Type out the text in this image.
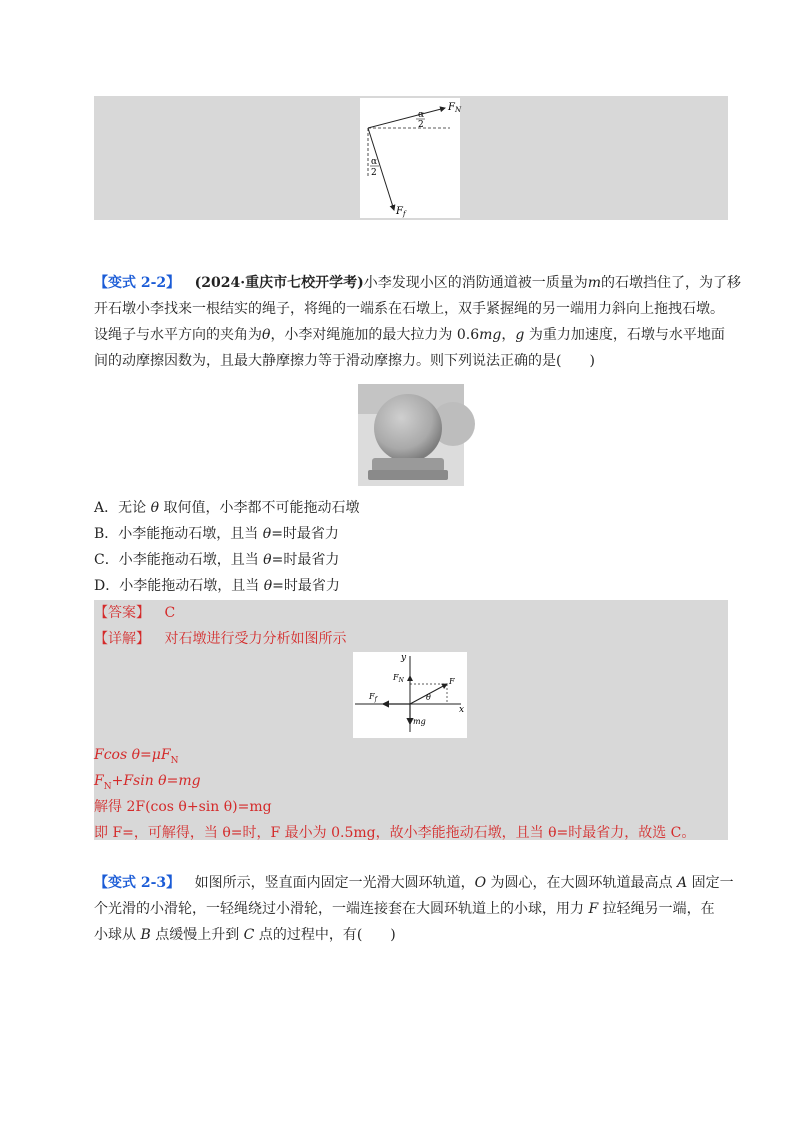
$F_N$
$F_f$
α
2
α
2
【变式 2-2】 (2024·重庆市七校开学考)小李发现小区的消防通道被一质量为m的石墩挡住了，为了移
开石墩小李找来一根结实的绳子，将绳的一端系在石墩上，双手紧握绳的另一端用力斜向上拖拽石墩。
设绳子与水平方向的夹角为θ，小李对绳施加的最大拉力为 0.6mg，g 为重力加速度，石墩与水平地面
间的动摩擦因数为，且最大静摩擦力等于滑动摩擦力。则下列说法正确的是(　　)
A．无论 θ 取何值，小李都不可能拖动石墩
B．小李能拖动石墩，且当 θ=时最省力
C．小李能拖动石墩，且当 θ=时最省力
D．小李能拖动石墩，且当 θ=时最省力
【答案】 C
【详解】 对石墩进行受力分析如图所示
x
y
$F_N$	F
$F_f$	θ
mg
Fcos $\theta=\mu F_N$
$F_N+Fsin$ θ=mg
解得 2F(cos θ+sin θ)=mg
即 F=，可解得，当 θ=时，F 最小为 0.5mg，故小李能拖动石墩，且当 θ=时最省力，故选 C。
【变式 2-3】 如图所示，竖直面内固定一光滑大圆环轨道，O 为圆心，在大圆环轨道最高点 A 固定一
个光滑的小滑轮，一轻绳绕过小滑轮，一端连接套在大圆环轨道上的小球，用力 F 拉轻绳另一端，在
小球从 B 点缓慢上升到 C 点的过程中，有(　　)
